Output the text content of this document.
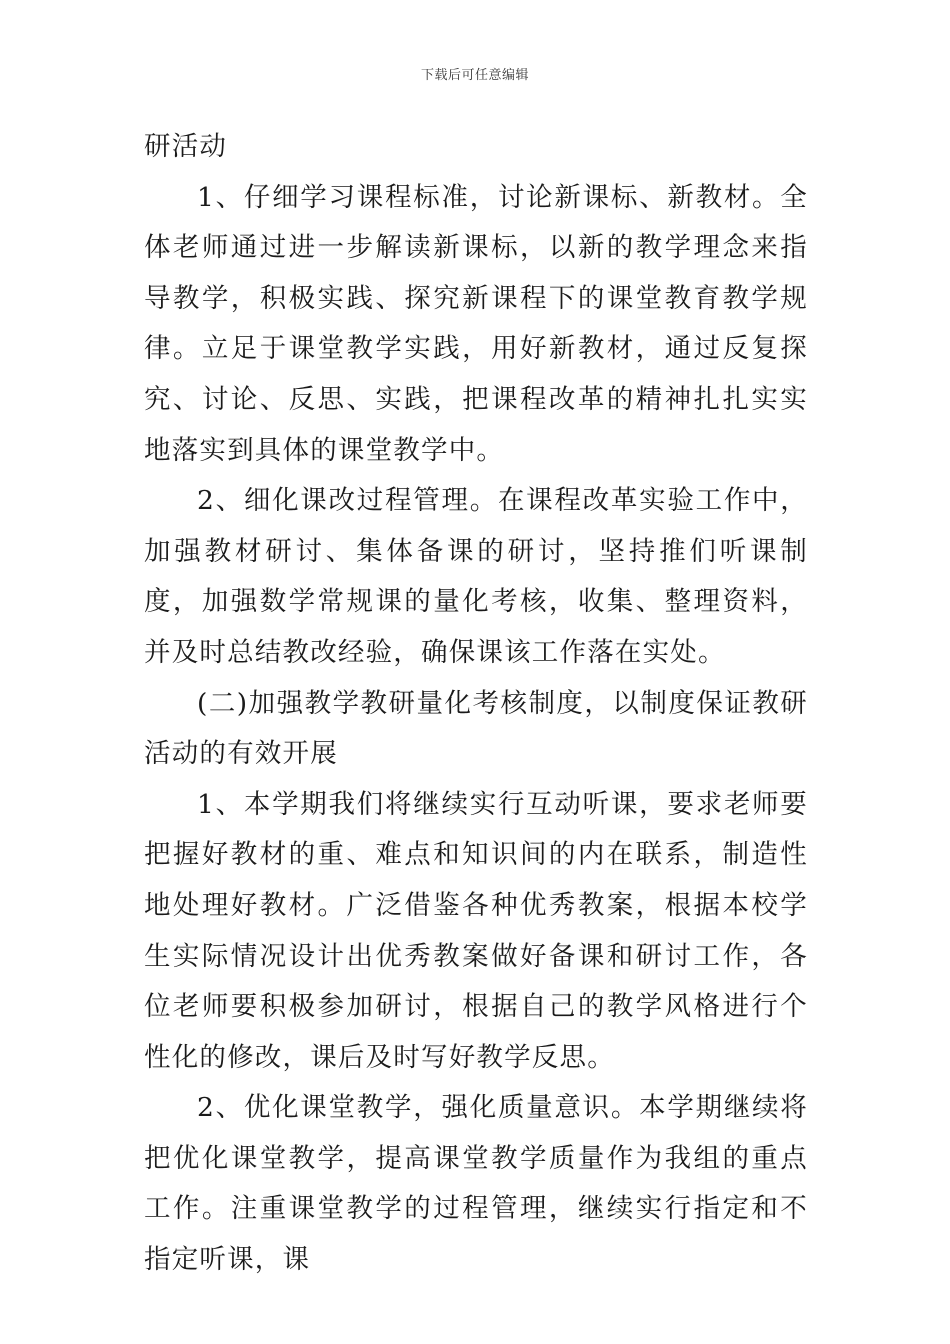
下载后可任意编辑

研活动

1、仔细学习课程标准，讨论新课标、新教材。全体老师通过进一步解读新课标，以新的教学理念来指导教学，积极实践、探究新课程下的课堂教育教学规律。立足于课堂教学实践，用好新教材，通过反复探究、讨论、反思、实践，把课程改革的精神扎扎实实地落实到具体的课堂教学中。

2、细化课改过程管理。在课程改革实验工作中，加强教材研讨、集体备课的研讨，坚持推们听课制度，加强数学常规课的量化考核，收集、整理资料，并及时总结教改经验，确保课该工作落在实处。

(二)加强教学教研量化考核制度，以制度保证教研活动的有效开展

1、本学期我们将继续实行互动听课，要求老师要把握好教材的重、难点和知识间的内在联系，制造性地处理好教材。广泛借鉴各种优秀教案，根据本校学生实际情况设计出优秀教案做好备课和研讨工作，各位老师要积极参加研讨，根据自己的教学风格进行个性化的修改，课后及时写好教学反思。

2、优化课堂教学，强化质量意识。本学期继续将把优化课堂教学，提高课堂教学质量作为我组的重点工作。注重课堂教学的过程管理，继续实行指定和不指定听课，课
